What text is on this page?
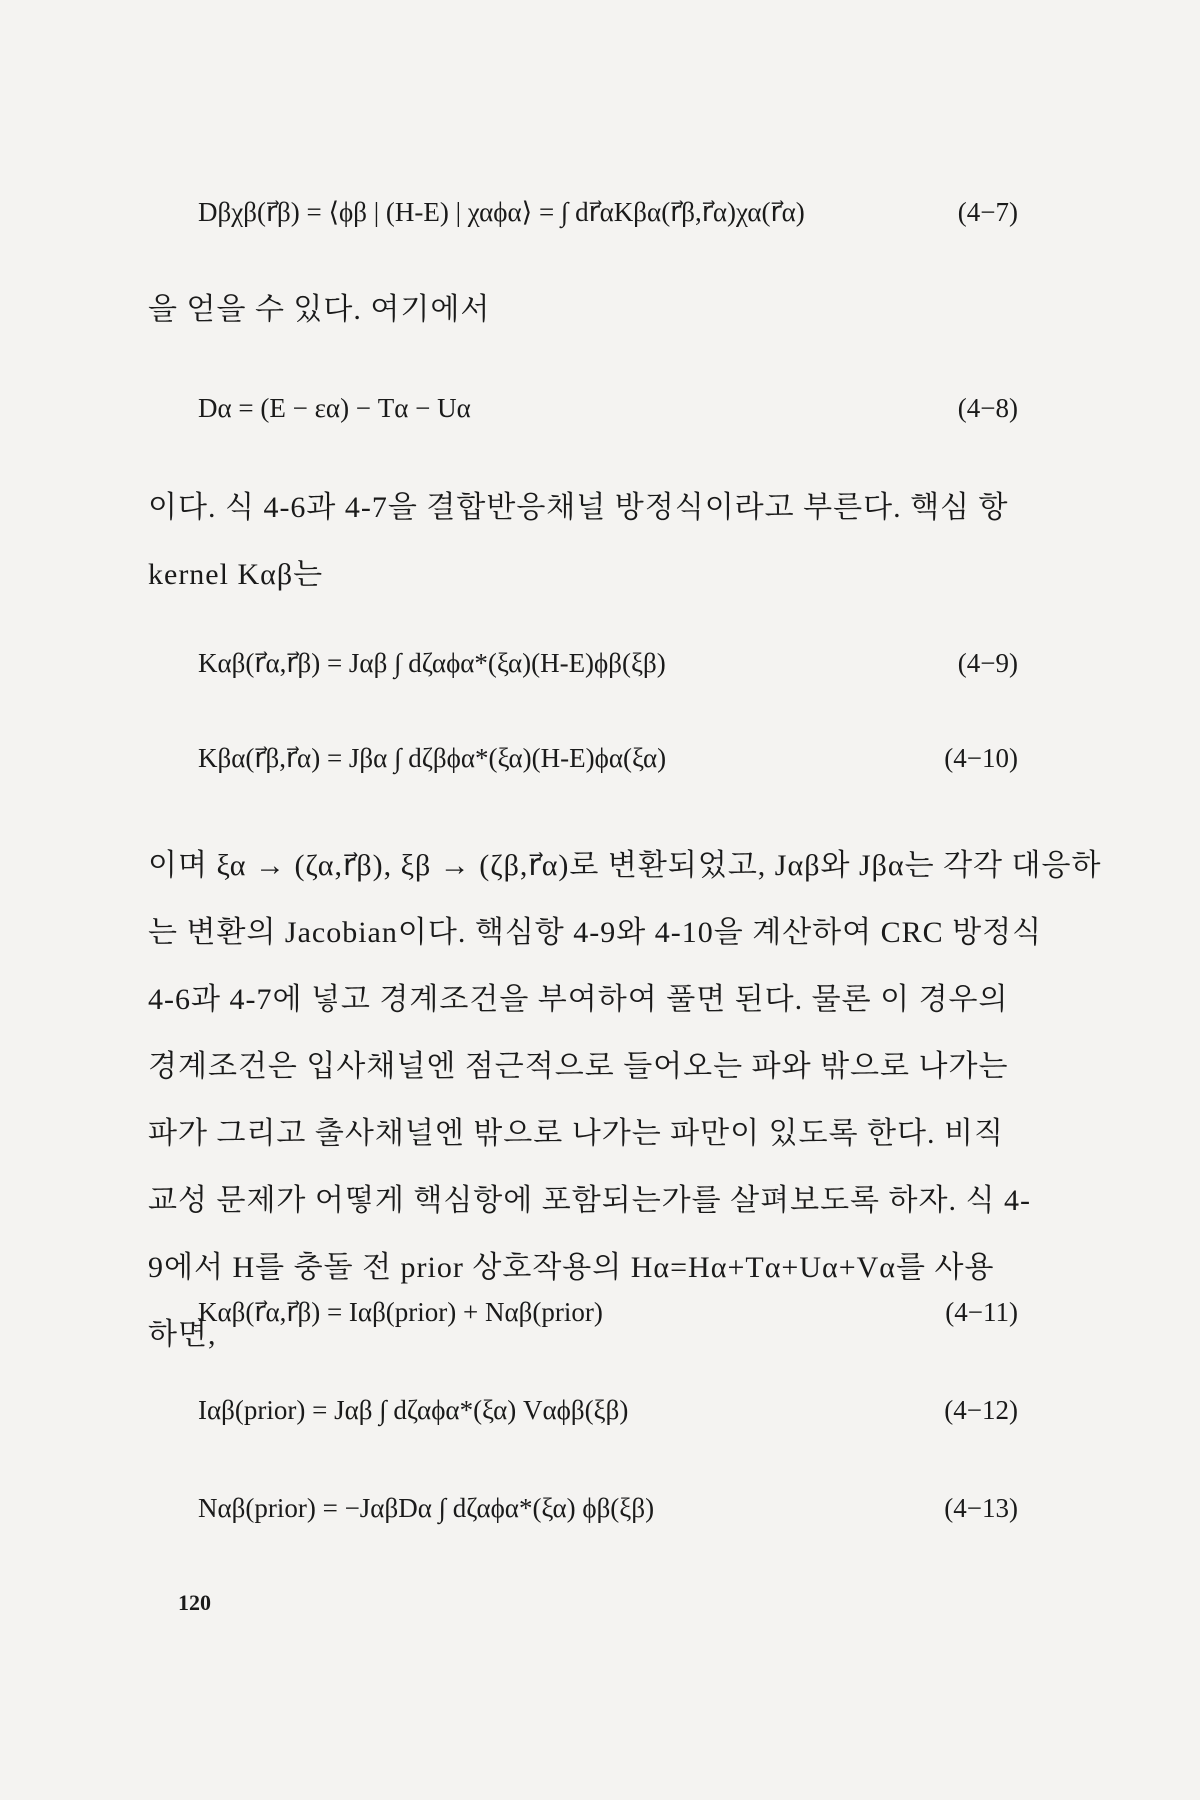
Dβχβ(r⃗β) = ⟨ϕβ | (H-E) | χαϕα⟩ = ∫ dr⃗αKβα(r⃗β,r⃗α)χα(r⃗α)	(4−7)
을 얻을 수 있다. 여기에서
Dα = (E − εα) − Tα − Uα	(4−8)
이다. 식 4-6과 4-7을 결합반응채널 방정식이라고 부른다. 핵심 항
kernel Kαβ는
Kαβ(r⃗α,r⃗β) = Jαβ ∫ dζαϕα*(ξα)(H-E)ϕβ(ξβ)	(4−9)
Kβα(r⃗β,r⃗α) = Jβα ∫ dζβϕα*(ξα)(H-E)ϕα(ξα)	(4−10)
이며 ξα → (ζα,r⃗β), ξβ → (ζβ,r⃗α)로 변환되었고, Jαβ와 Jβα는 각각 대응하
는 변환의 Jacobian이다. 핵심항 4-9와 4-10을 계산하여 CRC 방정식
4-6과 4-7에 넣고 경계조건을 부여하여 풀면 된다. 물론 이 경우의
경계조건은 입사채널엔 점근적으로 들어오는 파와 밖으로 나가는
파가 그리고 출사채널엔 밖으로 나가는 파만이 있도록 한다. 비직
교성 문제가 어떻게 핵심항에 포함되는가를 살펴보도록 하자. 식 4-
9에서 H를 충돌 전 prior 상호작용의 Hα=Hα+Tα+Uα+Vα를 사용
하면,
Kαβ(r⃗α,r⃗β) = Iαβ(prior) + Nαβ(prior)	(4−11)
Iαβ(prior) = Jαβ ∫ dζαϕα*(ξα) Vαϕβ(ξβ)	(4−12)
Nαβ(prior) = −JαβDα ∫ dζαϕα*(ξα) ϕβ(ξβ)	(4−13)
120
